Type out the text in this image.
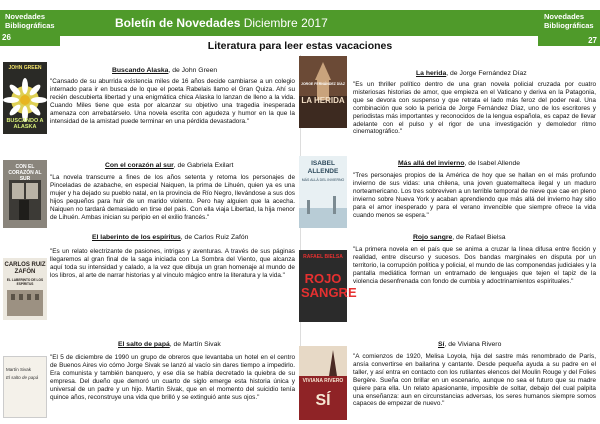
Boletín de Novedades Diciembre 2017
Novedades
Bibliográficas
26
Novedades
Bibliográficas
27
Literatura para leer estas vacaciones
JOHN GREEN
BUSCANDO A ALASKA
Buscando Alaska, de John Green
"Cansado de su aburrida existencia miles de 16 años decide cambiarse a un colegio internado para ir en busca de lo que el poeta Rabelais llamo el Gran Quiza. Ahí su recién descubierta libertad y una enigmática chica Alaska lo lanzan de lleno a la vida. Cuando Miles tiene que esta por alcanzar su objetivo una tragedia inesperada amenaza con arrebatárselo. Una novela escrita con agudeza y humor en la que la intensidad de la amistad puede terminar en una pérdida devastadora."
CON EL CORAZÓN AL SUR
Con el corazón al sur, de Gabriela Exilart
"La novela transcurre a fines de los años setenta y retoma los personajes de Pinceladas de azabache, en especial Naiquen, la prima de Lihuén, quien ya es una mujer y ha dejado su pueblo natal, en la provincia de Río Negro, llevándose a sus dos hijos pequeños para huir de un marido violento. Pero hay alguien que la acecha. Naiquen no tardará demasiado en tirse del país. Con ella viaja Libertad, la hija menor de Lihuén. Ambas inician su peripio en el exilio francés."
CARLOS RUIZ ZAFÓN
EL LABERINTO DE LOS ESPÍRITUS
El laberinto de los espíritus, de Carlos Ruiz Zafón
"Es un relato electrizante de pasiones, intrigas y aventuras. A través de sus páginas llegaremos al gran final de la saga iniciada con La Sombra del Viento, que alcanza aquí toda su intensidad y calado, a la vez que dibuja un gran homenaje al mundo de los libros, al arte de narrar historias y al vínculo mágico entre la literatura y la vida."
Martín Sivak
El salto de papá
El salto de papá, de Martín Sivak
"El 5 de diciembre de 1990 un grupo de obreros que levantaba un hotel en el centro de Buenos Aires vio cómo Jorge Sivak se lanzó al vacío sin dares tiempo a impedirlo. Era comunista y también banquero, y ese día se había decretado la quiebra de su empresa. Del dueño que demoró un cuarto de siglo emerge esta historia única y universal de un padre y un hijo. Martín Sivak, que en el momento del suicidio tenía quince años, reconstruye una vida que brilló y se extinguió ante sus ojos."
JORGE FERNÁNDEZ DÍAZ
LA HERIDA
La herida, de Jorge Fernández Díaz
"Es un thriller político dentro de una gran novela policial cruzada por cuatro misteriosas historias de amor, que empieza en el Vaticano y deriva en la Patagonia, que se devora con suspenso y que retrata el lado más feroz del poder real. Una combinación que solo la pericia de Jorge Fernández Díaz, uno de los escritores y periodistas más importantes y reconocidos de la lengua española, es capaz de llevar adelante con el pulso y el rigor de una investigación y demoledor ritmo cinematográfico."
ISABEL ALLENDE
MÁS ALLÁ DEL INVIERNO
Más allá del invierno, de Isabel Allende
"Tres personajes propios de la América de hoy que se hallan en el más profundo invierno de sus vidas: una chilena, una joven guatemalteca ilegal y un maduro norteamericano. Los tres sobreviven a un terrible temporal de nieve que cae en pleno invierno sobre Nueva York y acaban aprendiendo que más allá del invierno hay sitio para el amor inesperado y para el verano invencible que siempre ofrece la vida cuando menos se espera."
RAFAEL BIELSA
ROJO SANGRE
Rojo sangre, de Rafael Bielsa
"La primera novela en el país que se anima a cruzar la línea difusa entre ficción y realidad, entre discurso y sucesos. Dos bandas marginales en disputa por un territorio, la corrupción política y policial, el mundo de las componendas judiciales y la pantalla mediática forman un entramado de lenguajes que tejen el tapiz de la violencia desenfrenada con fondo de cumbia y adoctrinamientos espirituales."
VIVIANA RIVERO
SÍ
Sí, de Viviana Rivero
"A comienzos de 1920, Melisa Loyola, hija del sastre más renombrado de París, ansía convertirse en bailarina y cantante. Desde pequeña ayuda a su padre en el taller, y así entra en contacto con los rutilantes elencos del Moulin Rouge y del Folies Bergère. Sueña con brillar en un escenario, aunque no sea el futuro que su madre quiere para ella. Un relato apasionante, imposible de soltar, debajo del cual palpita una enseñanza: aun en circunstancias adversas, los seres humanos siempre somos capaces de empezar de nuevo."
